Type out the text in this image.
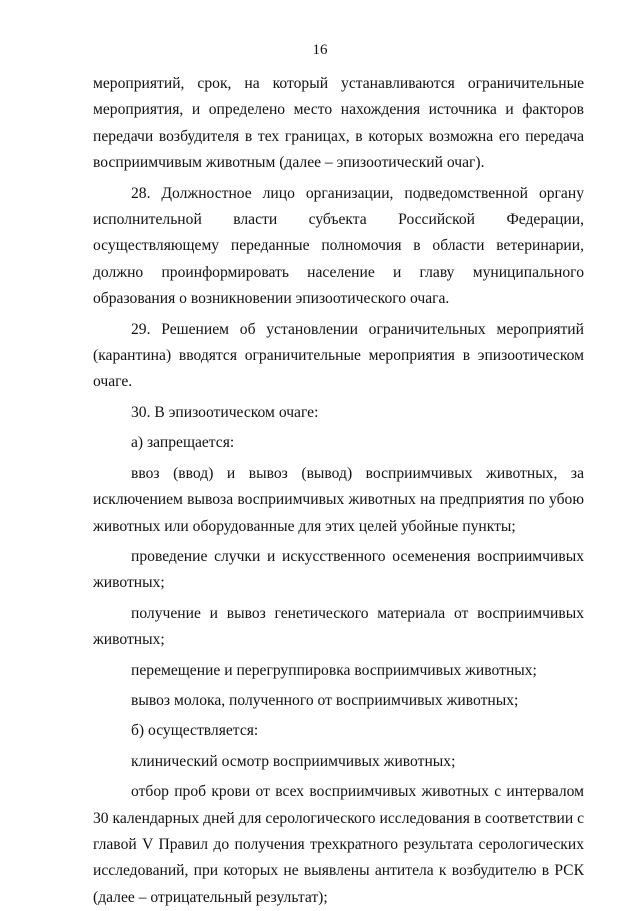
16

мероприятий, срок, на который устанавливаются ограничительные мероприятия, и определено место нахождения источника и факторов передачи возбудителя в тех границах, в которых возможна его передача восприимчивым животным (далее – эпизоотический очаг).

28. Должностное лицо организации, подведомственной органу исполнительной власти субъекта Российской Федерации, осуществляющему переданные полномочия в области ветеринарии, должно проинформировать население и главу муниципального образования о возникновении эпизоотического очага.

29. Решением об установлении ограничительных мероприятий (карантина) вводятся ограничительные мероприятия в эпизоотическом очаге.

30. В эпизоотическом очаге:

а) запрещается:

ввоз (ввод) и вывоз (вывод) восприимчивых животных, за исключением вывоза восприимчивых животных на предприятия по убою животных или оборудованные для этих целей убойные пункты;

проведение случки и искусственного осеменения восприимчивых животных;

получение и вывоз генетического материала от восприимчивых животных;

перемещение и перегруппировка восприимчивых животных;

вывоз молока, полученного от восприимчивых животных;

б) осуществляется:

клинический осмотр восприимчивых животных;

отбор проб крови от всех восприимчивых животных с интервалом 30 календарных дней для серологического исследования в соответствии с главой V Правил до получения трехкратного результата серологических исследований, при которых не выявлены антитела к возбудителю в РСК (далее – отрицательный результат);
